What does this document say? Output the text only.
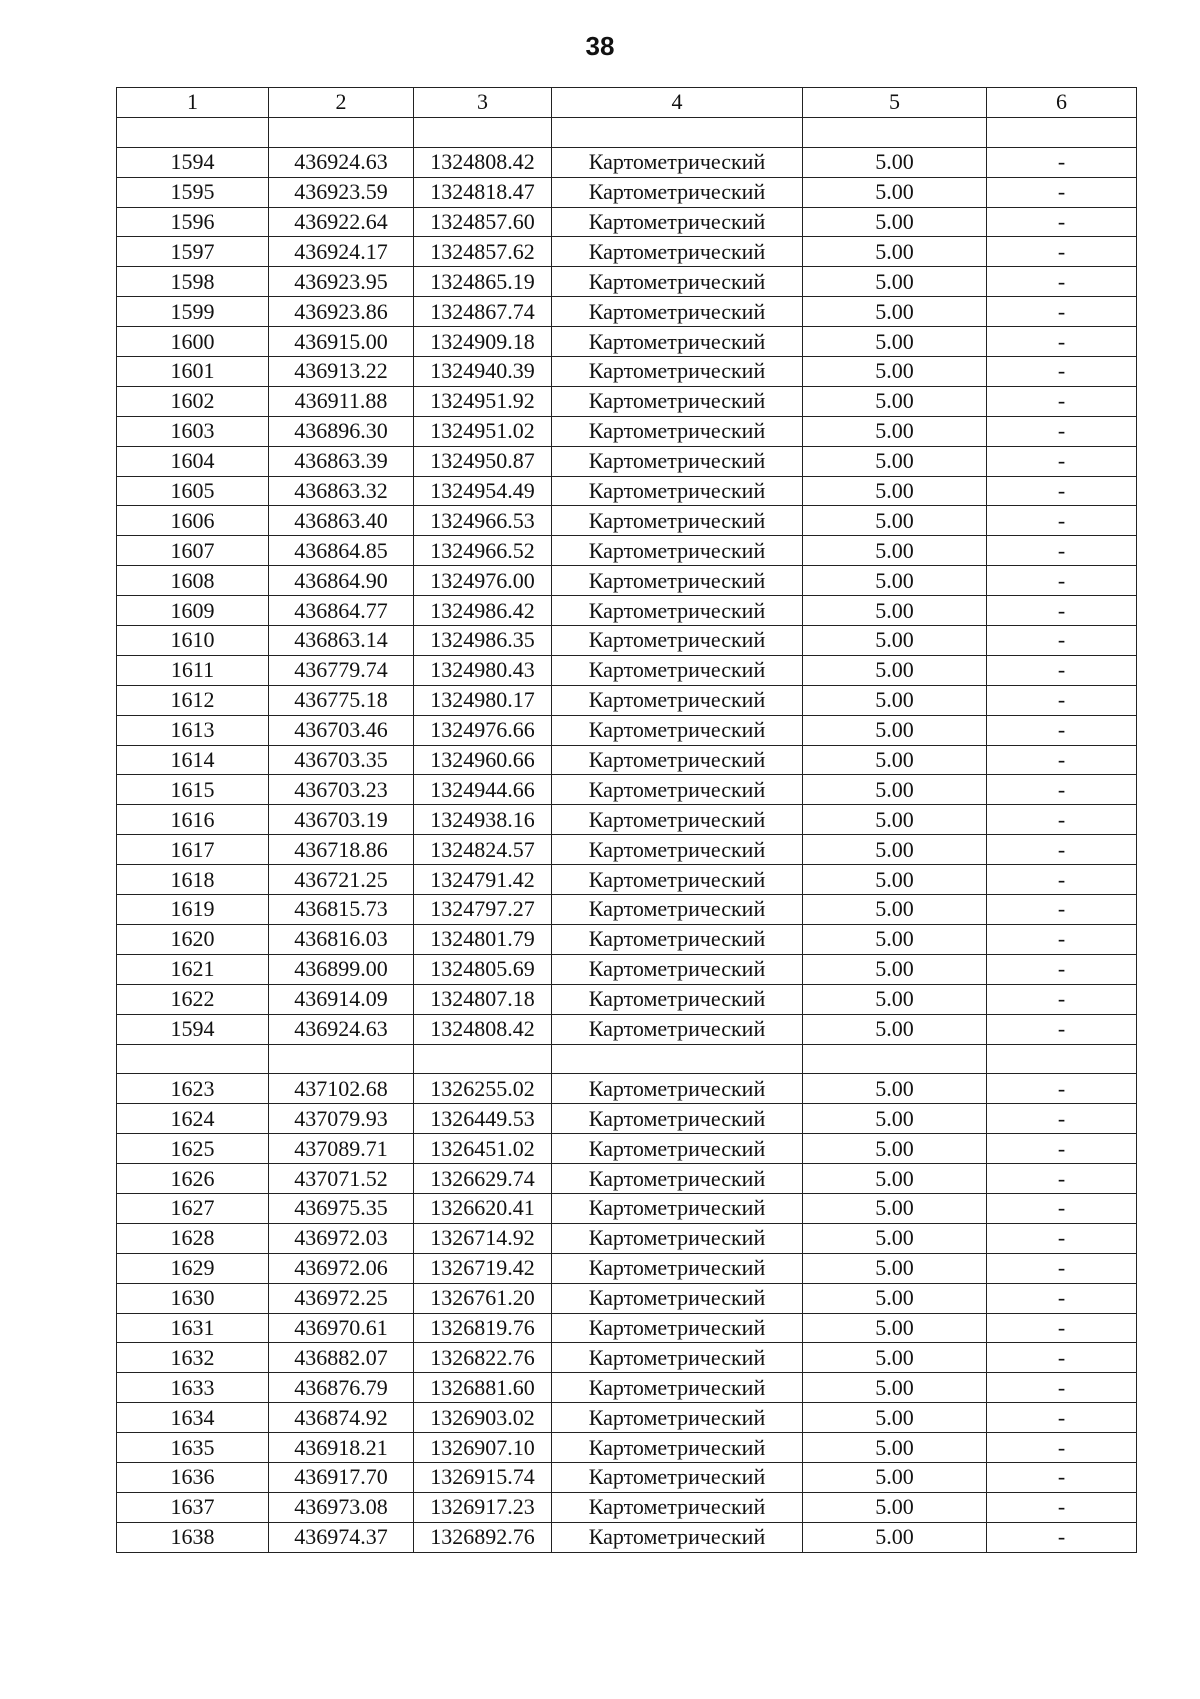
38
1	2	3	4	5	6

1594	436924.63	1324808.42	Картометрический	5.00	-
1595	436923.59	1324818.47	Картометрический	5.00	-
1596	436922.64	1324857.60	Картометрический	5.00	-
1597	436924.17	1324857.62	Картометрический	5.00	-
1598	436923.95	1324865.19	Картометрический	5.00	-
1599	436923.86	1324867.74	Картометрический	5.00	-
1600	436915.00	1324909.18	Картометрический	5.00	-
1601	436913.22	1324940.39	Картометрический	5.00	-
1602	436911.88	1324951.92	Картометрический	5.00	-
1603	436896.30	1324951.02	Картометрический	5.00	-
1604	436863.39	1324950.87	Картометрический	5.00	-
1605	436863.32	1324954.49	Картометрический	5.00	-
1606	436863.40	1324966.53	Картометрический	5.00	-
1607	436864.85	1324966.52	Картометрический	5.00	-
1608	436864.90	1324976.00	Картометрический	5.00	-
1609	436864.77	1324986.42	Картометрический	5.00	-
1610	436863.14	1324986.35	Картометрический	5.00	-
1611	436779.74	1324980.43	Картометрический	5.00	-
1612	436775.18	1324980.17	Картометрический	5.00	-
1613	436703.46	1324976.66	Картометрический	5.00	-
1614	436703.35	1324960.66	Картометрический	5.00	-
1615	436703.23	1324944.66	Картометрический	5.00	-
1616	436703.19	1324938.16	Картометрический	5.00	-
1617	436718.86	1324824.57	Картометрический	5.00	-
1618	436721.25	1324791.42	Картометрический	5.00	-
1619	436815.73	1324797.27	Картометрический	5.00	-
1620	436816.03	1324801.79	Картометрический	5.00	-
1621	436899.00	1324805.69	Картометрический	5.00	-
1622	436914.09	1324807.18	Картометрический	5.00	-
1594	436924.63	1324808.42	Картометрический	5.00	-

1623	437102.68	1326255.02	Картометрический	5.00	-
1624	437079.93	1326449.53	Картометрический	5.00	-
1625	437089.71	1326451.02	Картометрический	5.00	-
1626	437071.52	1326629.74	Картометрический	5.00	-
1627	436975.35	1326620.41	Картометрический	5.00	-
1628	436972.03	1326714.92	Картометрический	5.00	-
1629	436972.06	1326719.42	Картометрический	5.00	-
1630	436972.25	1326761.20	Картометрический	5.00	-
1631	436970.61	1326819.76	Картометрический	5.00	-
1632	436882.07	1326822.76	Картометрический	5.00	-
1633	436876.79	1326881.60	Картометрический	5.00	-
1634	436874.92	1326903.02	Картометрический	5.00	-
1635	436918.21	1326907.10	Картометрический	5.00	-
1636	436917.70	1326915.74	Картометрический	5.00	-
1637	436973.08	1326917.23	Картометрический	5.00	-
1638	436974.37	1326892.76	Картометрический	5.00	-
